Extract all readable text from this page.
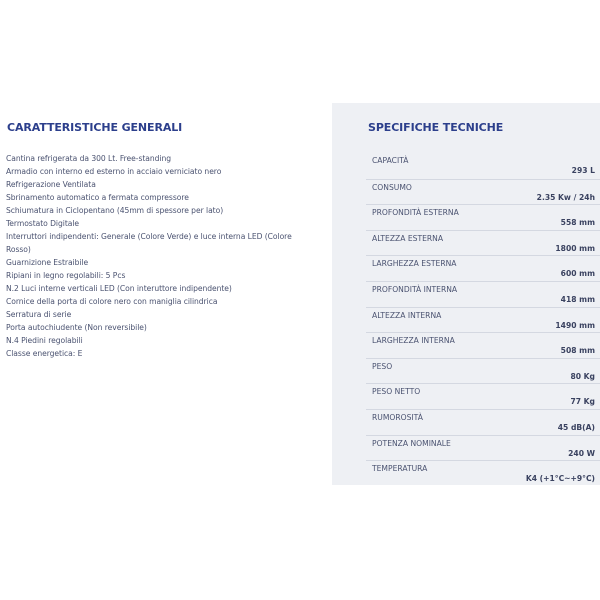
CARATTERISTICHE GENERALI
Cantina refrigerata da 300 Lt. Free-standing
Armadio con interno ed esterno in acciaio verniciato nero
Refrigerazione Ventilata
Sbrinamento automatico a fermata compressore
Schiumatura in Ciclopentano (45mm di spessore per lato)
Termostato Digitale
Interruttori indipendenti: Generale (Colore Verde) e luce interna LED (Colore
Rosso)
Guarnizione Estraibile
Ripiani in legno regolabili: 5 Pcs
N.2 Luci interne verticali LED (Con interuttore indipendente)
Cornice della porta di colore nero con maniglia cilindrica
Serratura di serie
Porta autochiudente (Non reversibile)
N.4 Piedini regolabili
Classe energetica: E
SPECIFICHE TECNICHE
CAPACITÀ
293 L
CONSUMO
2.35 Kw / 24h
PROFONDITÀ ESTERNA
558 mm
ALTEZZA ESTERNA
1800 mm
LARGHEZZA ESTERNA
600 mm
PROFONDITÀ INTERNA
418 mm
ALTEZZA INTERNA
1490 mm
LARGHEZZA INTERNA
508 mm
PESO
80 Kg
PESO NETTO
77 Kg
RUMOROSITÀ
45 dB(A)
POTENZA NOMINALE
240 W
TEMPERATURA
K4 (+1°C~+9°C)
